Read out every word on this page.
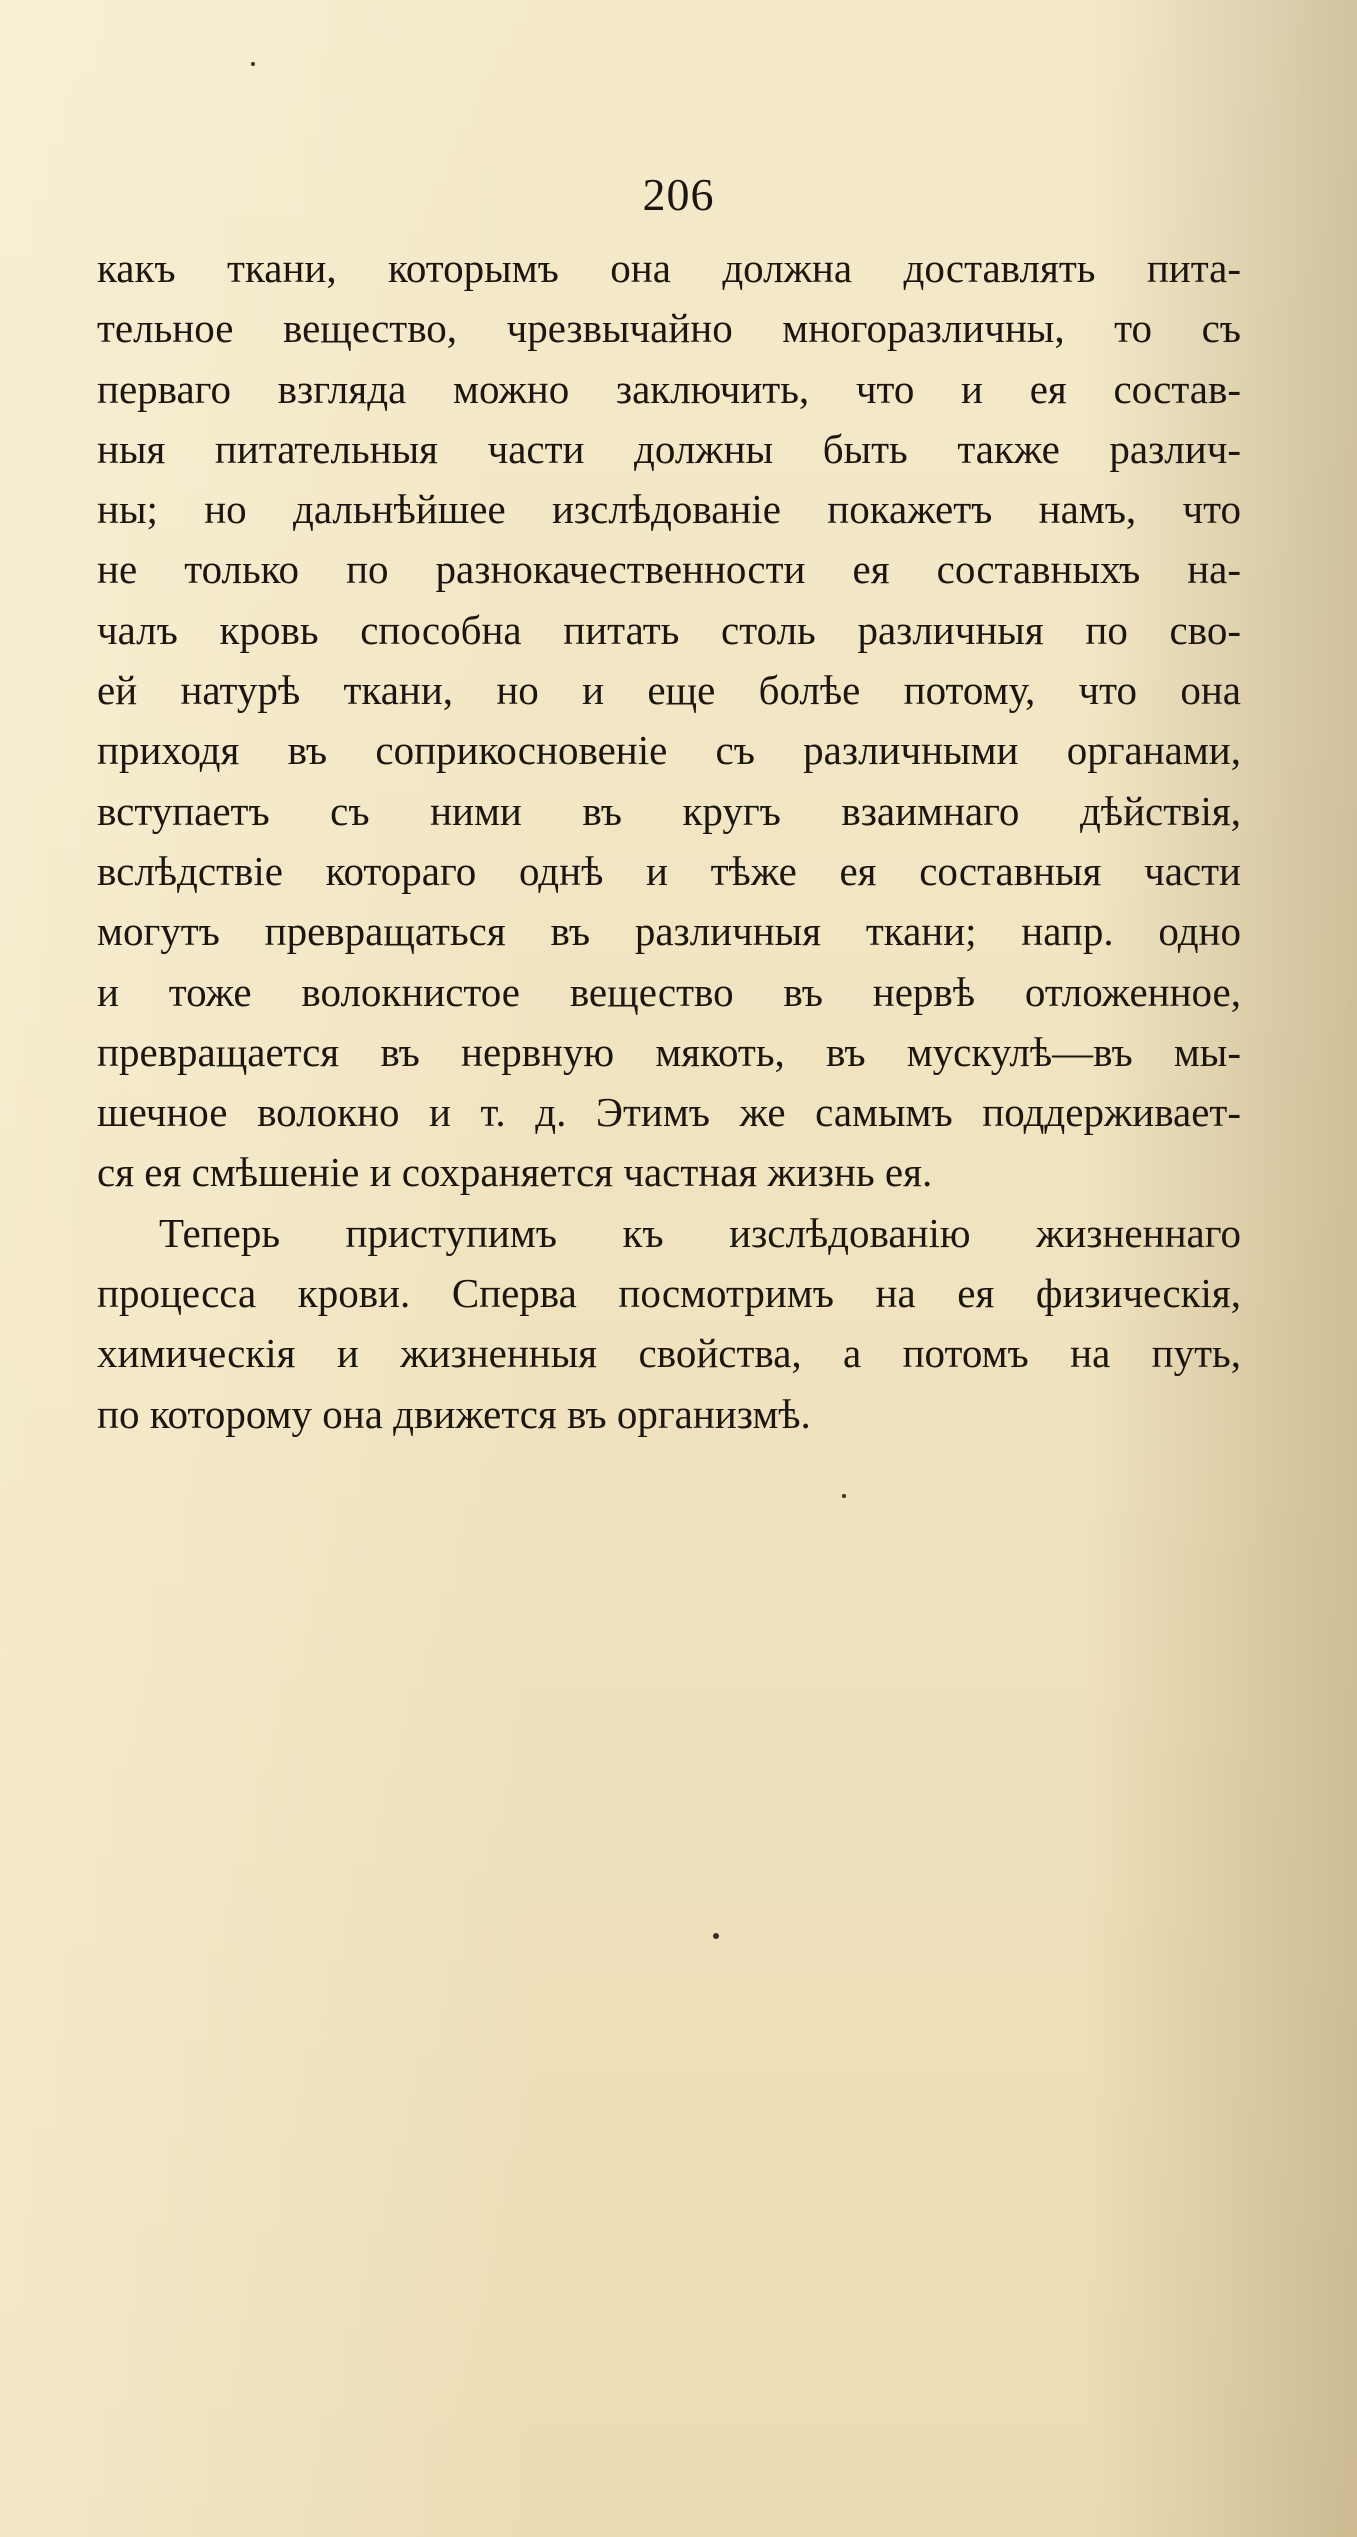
206
какъ ткани, которымъ она должна доставлять пита-
тельное вещество, чрезвычайно многоразличны, то съ
перваго взгляда можно заключить, что и ея состав-
ныя питательныя части должны быть также различ-
ны; но дальнѣйшее изслѣдованіе покажетъ намъ, что
не только по разнокачественности ея составныхъ на-
чалъ кровь способна питать столь различныя по сво-
ей натурѣ ткани, но и еще болѣе потому, что она
приходя въ соприкосновеніе съ различными органами,
вступаетъ съ ними въ кругъ взаимнаго дѣйствія,
вслѣдствіе котораго однѣ и тѣже ея составныя части
могутъ превращаться въ различныя ткани; напр. одно
и тоже волокнистое вещество въ нервѣ отложенное,
превращается въ нервную мякоть, въ мускулѣ—въ мы-
шечное волокно и т. д. Этимъ же самымъ поддерживает-
ся ея смѣшеніе и сохраняется частная жизнь ея.
Теперь приступимъ къ изслѣдованію жизненнаго
процесса крови. Сперва посмотримъ на ея физическія,
химическія и жизненныя свойства, а потомъ на путь,
по которому она движется въ организмѣ.
